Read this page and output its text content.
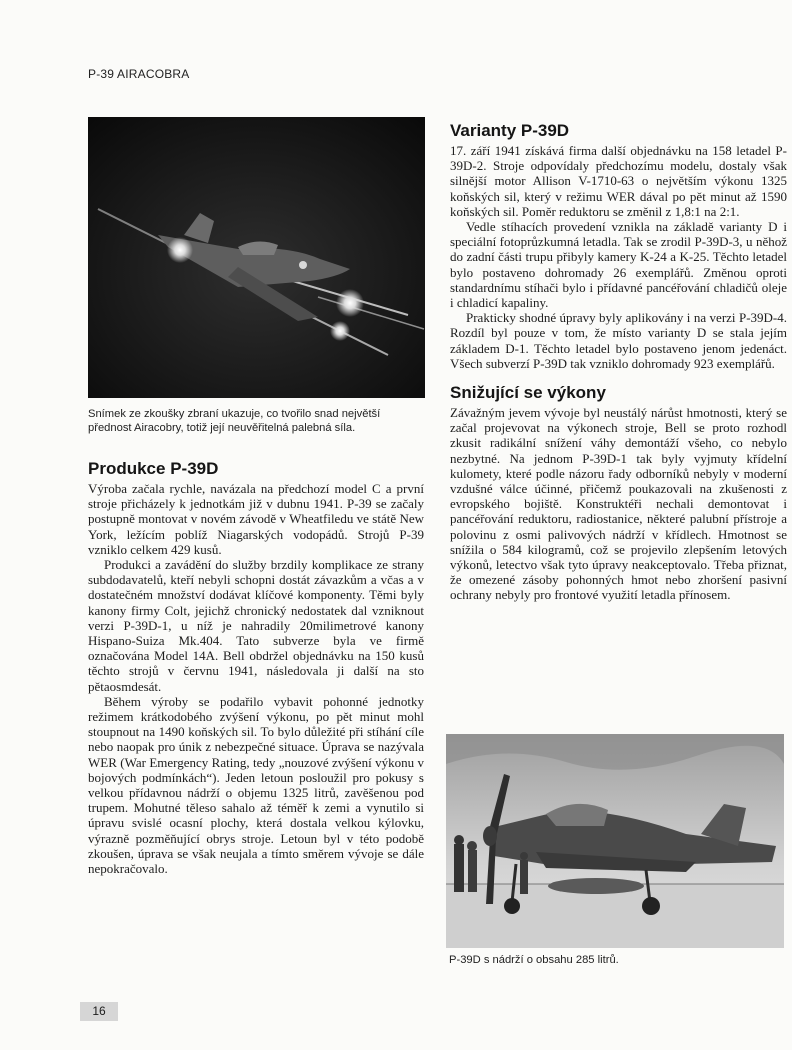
P-39 AIRACOBRA
Snímek ze zkoušky zbraní ukazuje, co tvořilo snad největší přednost Airacobry, totiž její neuvěřitelná palebná síla.
Produkce P-39D

Výroba začala rychle, navázala na předchozí model C a první stroje přicházely k jednotkám již v dubnu 1941. P-39 se začaly postupně montovat v novém závodě v Wheatfiledu ve státě New York, ležícím poblíž Niagarských vodopádů. Strojů P-39 vzniklo celkem 429 kusů.

Produkci a zavádění do služby brzdily komplikace ze strany subdodavatelů, kteří nebyli schopni dostát závazkům a včas a v dostatečném množství dodávat klíčové komponenty. Těmi byly kanony firmy Colt, jejichž chronický nedostatek dal vzniknout verzi P-39D-1, u níž je nahradily 20milimetrové kanony Hispano-Suiza Mk.404. Tato subverze byla ve firmě označována Model 14A. Bell obdržel objednávku na 150 kusů těchto strojů v červnu 1941, následovala ji další na sto pětaosmdesát.

Během výroby se podařilo vybavit pohonné jednotky režimem krátkodobého zvýšení výkonu, po pět minut mohl stoupnout na 1490 koňských sil. To bylo důležité při stíhání cíle nebo naopak pro únik z nebezpečné situace. Úprava se nazývala WER (War Emergency Rating, tedy „nouzové zvýšení výkonu v bojových podmínkách“). Jeden letoun posloužil pro pokusy s velkou přídavnou nádrží o objemu 1325 litrů, zavěšenou pod trupem. Mohutné těleso sahalo až téměř k zemi a vynutilo si úpravu svislé ocasní plochy, která dostala velkou kýlovku, výrazně pozměňující obrys stroje. Letoun byl v této podobě zkoušen, úprava se však neujala a tímto směrem vývoje se dále nepokračovalo.

Varianty P-39D

17. září 1941 získává firma další objednávku na 158 letadel P-39D-2. Stroje odpovídaly předchozímu modelu, dostaly však silnější motor Allison V-1710-63 o největším výkonu 1325 koňských sil, který v režimu WER dával po pět minut až 1590 koňských sil. Poměr reduktoru se změnil z 1,8:1 na 2:1.

Vedle stíhacích provedení vznikla na základě varianty D i speciální fotoprůzkumná letadla. Tak se zrodil P-39D-3, u něhož do zadní části trupu přibyly kamery K-24 a K-25. Těchto letadel bylo postaveno dohromady 26 exemplářů. Změnou oproti standardnímu stíhači bylo i přídavné pancéřování chladičů oleje i chladicí kapaliny.

Prakticky shodné úpravy byly aplikovány i na verzi P-39D-4. Rozdíl byl pouze v tom, že místo varianty D se stala jejím základem D-1. Těchto letadel bylo postaveno jenom jedenáct. Všech subverzí P-39D tak vzniklo dohromady 923 exemplářů.

Snižující se výkony

Závažným jevem vývoje byl neustálý nárůst hmotnosti, který se začal projevovat na výkonech stroje, Bell se proto rozhodl zkusit radikální snížení váhy demontáží všeho, co nebylo nezbytné. Na jednom P-39D-1 tak byly vyjmuty křídelní kulomety, které podle názoru řady odborníků nebyly v moderní vzdušné válce účinné, přičemž poukazovali na zkušenosti z evropského bojiště. Konstruktéři nechali demontovat i pancéřování reduktoru, radiostanice, některé palubní přístroje a polovinu z osmi palivových nádrží v křídlech. Hmotnost se snížila o 584 kilogramů, což se projevilo zlepšením letových výkonů, letectvo však tyto úpravy neakceptovalo. Třeba přiznat, že omezené zásoby pohonných hmot nebo zhoršení pasivní ochrany nebyly pro frontové využití letadla přínosem.

P-39D s nádrží o obsahu 285 litrů.
16
